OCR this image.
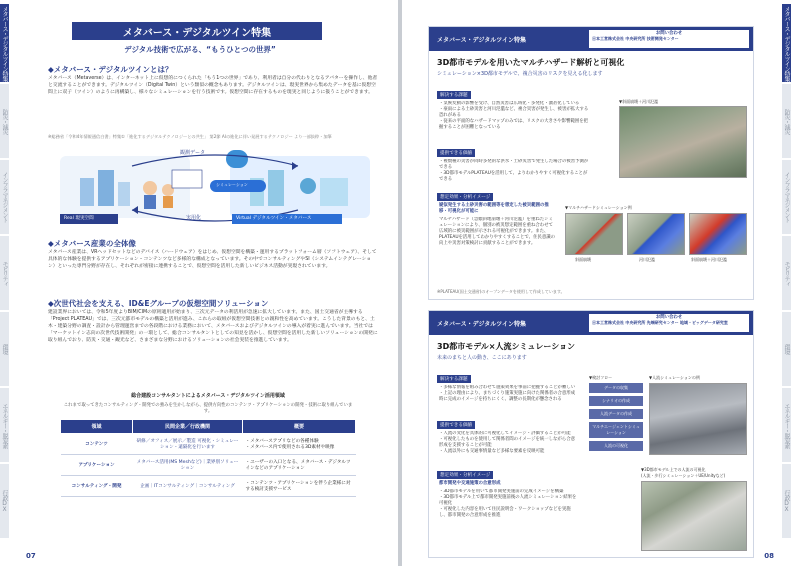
メタバース・デジタルツイン特集
防災・減災
インフラマネジメント
モビリティ
環境
エネルギー・脱炭素
行政DX
メタバース・デジタルツイン特集
デジタル技術で広がる、“もうひとつの世界”
◆メタバース・デジタルツインとは？
メタバース（Metaverse）は、インターネット上に仮想的につくられた「もう1つの世界」であり、利用者は自分の代わりとなるアバターを操作し、他者と交流することができます。デジタルツイン（Digital Twin）という類似の概念もあります。デジタルツインは、現実世界から集めたデータを基に仮想空間上に双子（ツイン）のように再構築し、様々なシミュレーションを行う技術です。仮想空間に存在するものを現実と同じように扱うことができます。
※総務省「令和4年情報通信白書」特集①「進化するデジタルテクノロジーとの共生」 第2節 AIの進化に伴い発展するテクノロジー より一部抜粋・加筆
観測データ
実用化
シミュレーション
Real 現実空間	Virtual デジタルツイン・メタバース
◆メタバース産業の全体像
メタバース産業は、VRヘッドセットなどのデバイス（ハードウェア）をはじめ、仮想空間を構築・運用するプラットフォーム層（ソフトウェア）、そして具体的な体験を提供するアプリケーション・コンテンツなど多様的な構成となっています。その中でコンサルティングやSI（システムインテグレーション）といった専門分野が存在し、それぞれが密接に連携することで、仮想空間を活用した新しいビジネス活動が実現されています。
◆次世代社会を支える、ID&Eグループの仮想空間ソリューション
建設業界においては、令和5年度よりBIM/CIMの原則適用が始まり、三次元データの利活用が急速に拡大しています。また、国土交通省が主導する「Project PLATEAU」では、三次元都市モデルの構築と活用が進み、これらの取組が仮想空間技術との親和性を高めています。こうした背景のもと、土木・建築分野の調査・設計から管理運営までの各段階における業務において、メタバースおよびデジタルツインの導入が着実に進んでいます。当社では「マーケットイン志向の次世代技術開発」の一環として、総合コンサルタントとしての知見を活かし、仮想空間を活用した新しいソリューションの開発に取り組んでおり、防災・交通・観光など、さまざまな分野におけるソリューションの社会実装を推進しています。
総合建設コンサルタントによるメタバース・デジタルツイン活用領域
これまで取ってきたコンサルティング・開発での強みを生かしながら、提供方向性のコンテンツ・アプリケーションの開発・技術に取り組んでいます。
領域	民間企業／行政機関	概要
コンテンツ	研修／オフィス／展示／製造 可視化・シミュレーション・遠隔化を行います	・メタバースアプリなどの各種体験
・メタバース内で使用される3D素材や映像
アプリケーション	メタバース活用(MS Meshなど)｜業界別ソリューション	・ユーザーの入口となる、メタバース・デジタルツインなどのアプリケーション
コンサルティング・開発	企画｜ITコンサルティング｜コンサルティング	・コンテンツ・アプリケーションを伴う企業様に対する検討支援サービス
07
メタバース・デジタルツイン特集
防災・減災
インフラマネジメント
モビリティ
環境
エネルギー・脱炭素
行政DX
メタバース・デジタルツイン特集
お問い合わせ
日本工営株式会社 中央研究所 技術開発センター
3D都市モデルを用いたマルチハザード解析と可視化
シミュレーション×3D都市モデルで、複合災害のリスクを見える化します
解決する課題
・気候変動の影響を受け、自然災害は広域化・多発化・激甚化している
・豪雨による土砂災害と河川氾濫など、複合災害が発生し、被害が拡大する恐れがある
・従来の平面的なハザードマップのみでは、リスクの大きさや影響範囲を把握することが困難となっている
提供できる価値
・複数種の災害が同時多発的な洪水・土砂災害で発生した場合の被害予測ができる
・3D都市モデルPLATEAUを活用して、よりわかりやすく可視化することができる
想定効果・分析イメージ
疑似発生する土砂災害の範囲等を想定した被災範囲の推移・可視化が可能に
マルチハザード（急傾斜地崩壊＋河川氾濫）を重ねたシミュレーションにより、個別の被災想定範囲を重ね合わせて広域的に被災範囲が示される可視化ができます。また、PLATEAUを活用してわかりやすくすることで、住民意識の向上や災害対策検討に貢献することができます。
▼斜面崩壊＋河川氾濫
▼マルチハザードシミュレーション例
斜面崩壊	河川氾濫	斜面崩壊＋河川氾濫
※PLATEAU(国土交通省)のオープンデータを使用して作成しています。
メタバース・デジタルツイン特集
お問い合わせ
日本工営株式会社 中央研究所 先端研究センター 地域・ビッグデータ研究室
3D都市モデル×人流シミュレーション
未来のまちと人の動き、ここにあります
解決する課題
・多様な情報を組み合わせて施策効果を事前に把握することが難しい
・上記の理由により、まちづくり施策実施に向けた関係者の合意形成時に完成のイメージを持ちにくく、調整の長期化が懸念される
提供できる価値
・人流の変化を具体的に可視化してイメージ・評価することが可能
・可視化したものを使用して関係者間のイメージを統一しながら合意形成を支援することが可能
・人流以外にも交通事情量など多様な要素を反映可能
想定効果・分析イメージ
都市開発や交通施策の合意形成
・3D都市モデルを用いて都市開発実施前の完成イメージを構築
・3D都市モデル上で都市開発実施前後の人流シミュレーション結果を可視化
・可視化した内容を用いて住民説明会・ワークショップなどを実施し、都市開発の合意形成を推進
▼検討フロー
データの収集
シナリオの作成
人流データの作成
マルチエージェントシミュレーション
人流の可視化
▼人流シミュレーションの例
▼3D都市モデル上での人流の可視化
(人流・歩行シミュレーション＋UE/Unityなど)
08
